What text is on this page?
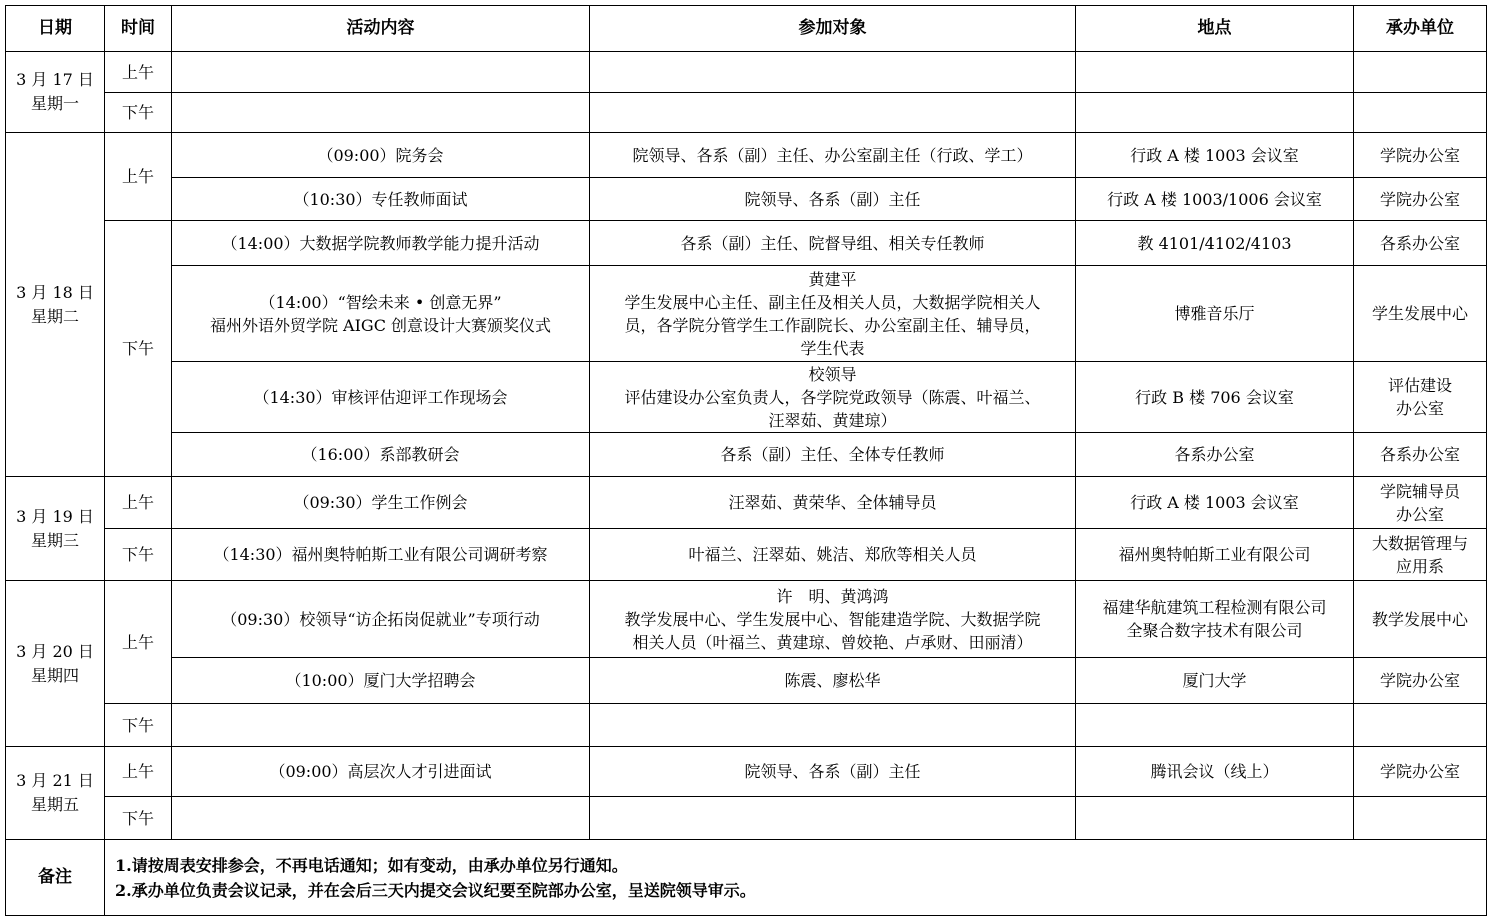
日期	时间	活动内容	参加对象	地点	承办单位

3 月 17 日
星期一	上午				
	下午				

3 月 18 日
星期二	上午	（09:00）院务会	院领导、各系（副）主任、办公室副主任（行政、学工）	行政 A 楼 1003 会议室	学院办公室
		（10:30）专任教师面试	院领导、各系（副）主任	行政 A 楼 1003/1006 会议室	学院办公室
	下午	（14:00）大数据学院教师教学能力提升活动	各系（副）主任、院督导组、相关专任教师	教 4101/4102/4103	各系办公室

		（14:00）“智绘未来 • 创意无界”
福州外语外贸学院 AIGC 创意设计大赛颁奖仪式	黄建平
学生发展中心主任、副主任及相关人员，大数据学院相关人
员，各学院分管学生工作副院长、办公室副主任、辅导员，
学生代表	博雅音乐厅	学生发展中心
		（14:30）审核评估迎评工作现场会	校领导
评估建设办公室负责人，各学院党政领导（陈震、叶福兰、
汪翠茹、黄建琼）	行政 B 楼 706 会议室	评估建设
办公室

		（16:00）系部教研会	各系（副）主任、全体专任教师	各系办公室	各系办公室

3 月 19 日
星期三	上午	（09:30）学生工作例会	汪翠茹、黄荣华、全体辅导员	行政 A 楼 1003 会议室	学院辅导员
办公室

	下午	（14:30）福州奥特帕斯工业有限公司调研考察	叶福兰、汪翠茹、姚洁、郑欣等相关人员	福州奥特帕斯工业有限公司	大数据管理与
应用系

3 月 20 日
星期四	上午	（09:30）校领导“访企拓岗促就业”专项行动	许　明、黄鸿鸿
教学发展中心、学生发展中心、智能建造学院、大数据学院
相关人员（叶福兰、黄建琼、曾姣艳、卢承财、田丽清）	福建华航建筑工程检测有限公司
全聚合数字技术有限公司	教学发展中心
		（10:00）厦门大学招聘会	陈震、廖松华	厦门大学	学院办公室
	下午				

3 月 21 日
星期五	上午	（09:00）高层次人才引进面试	院领导、各系（副）主任	腾讯会议（线上）	学院办公室
	下午				
备注	1.请按周表安排参会，不再电话通知；如有变动，由承办单位另行通知。
2.承办单位负责会议记录，并在会后三天内提交会议纪要至院部办公室，呈送院领导审示。				
